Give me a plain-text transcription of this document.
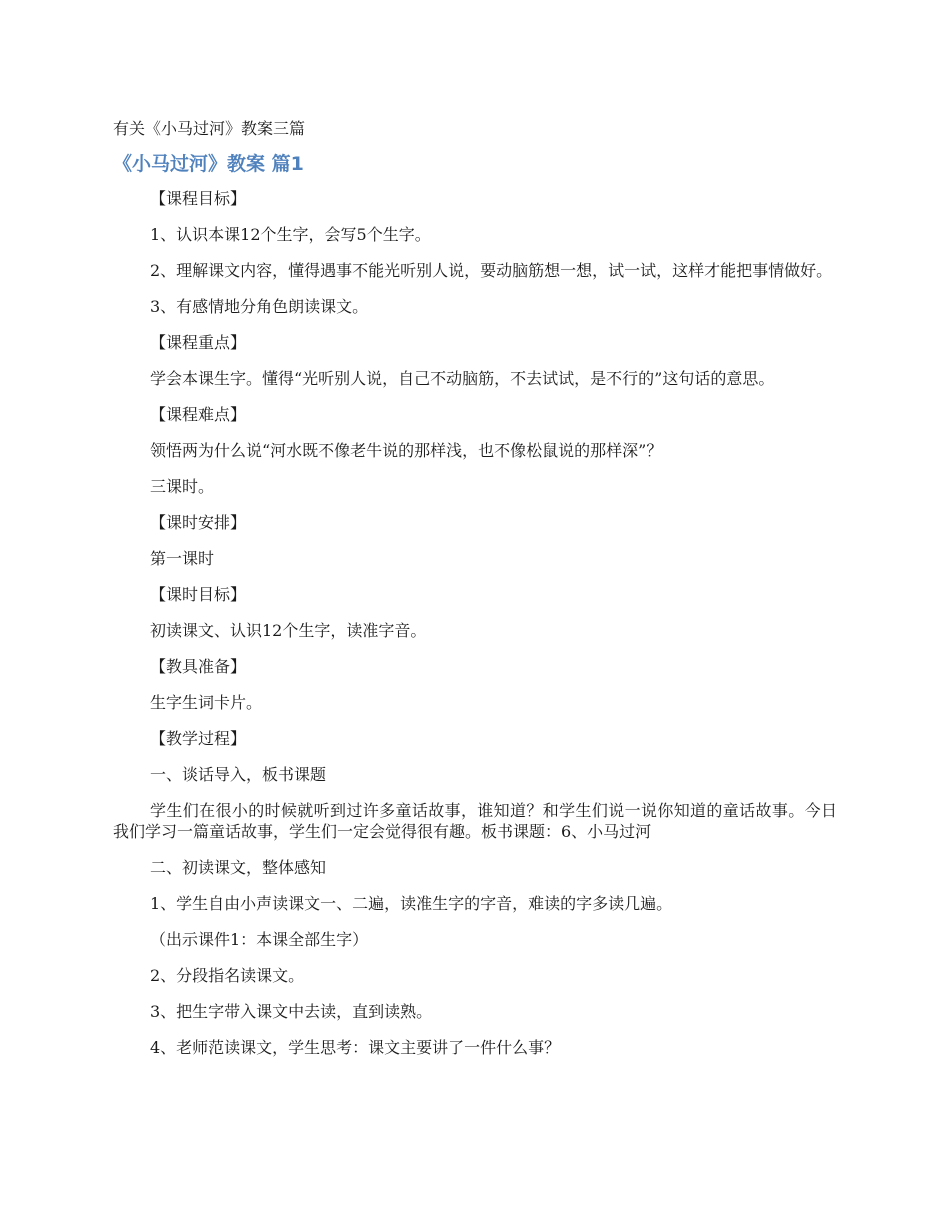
有关《小马过河》教案三篇
《小马过河》教案 篇1

【课程目标】

1、认识本课12个生字，会写5个生字。

2、理解课文内容，懂得遇事不能光听别人说，要动脑筋想一想，试一试，这样才能把事情做好。

3、有感情地分角色朗读课文。

【课程重点】

学会本课生字。懂得“光听别人说，自己不动脑筋，不去试试，是不行的”这句话的意思。

【课程难点】

领悟两为什么说“河水既不像老牛说的那样浅，也不像松鼠说的那样深”？

三课时。

【课时安排】

第一课时

【课时目标】

初读课文、认识12个生字，读准字音。

【教具准备】

生字生词卡片。

【教学过程】

一、谈话导入，板书课题

学生们在很小的时候就听到过许多童话故事，谁知道？和学生们说一说你知道的童话故事。今日我们学习一篇童话故事，学生们一定会觉得很有趣。板书课题：6、小马过河

二、初读课文，整体感知

1、学生自由小声读课文一、二遍，读准生字的字音，难读的字多读几遍。

（出示课件1：本课全部生字）

2、分段指名读课文。

3、把生字带入课文中去读，直到读熟。

4、老师范读课文，学生思考：课文主要讲了一件什么事？
